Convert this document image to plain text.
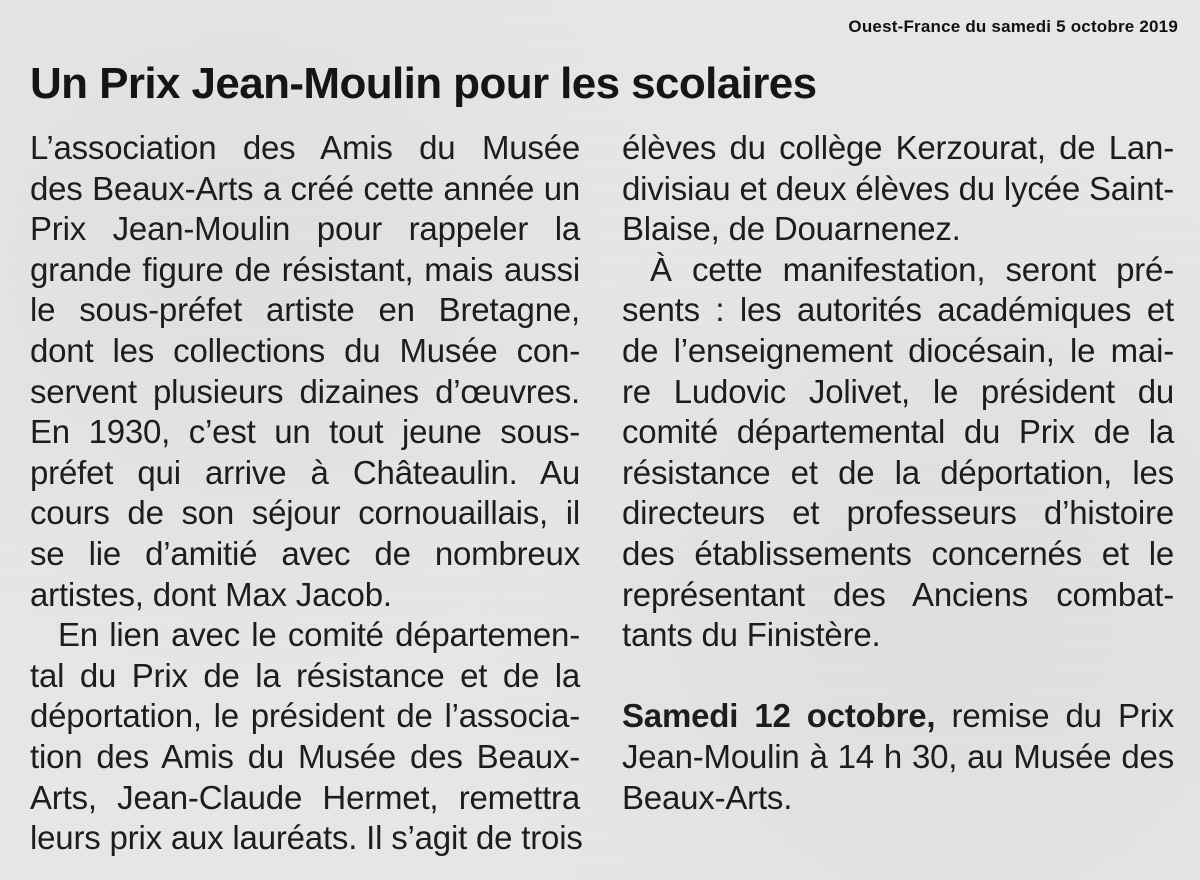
Ouest-France du samedi 5 octobre 2019
Un Prix Jean-Moulin pour les scolaires
L’association des Amis du Musée
des Beaux-Arts a créé cette année un
Prix Jean-Moulin pour rappeler la
grande figure de résistant, mais aussi
le sous-préfet artiste en Bretagne,
dont les collections du Musée con-
servent plusieurs dizaines d’œuvres.
En 1930, c’est un tout jeune sous-
préfet qui arrive à Châteaulin. Au
cours de son séjour cornouaillais, il
se lie d’amitié avec de nombreux
artistes, dont Max Jacob.
En lien avec le comité départemen-
tal du Prix de la résistance et de la
déportation, le président de l’associa-
tion des Amis du Musée des Beaux-
Arts, Jean-Claude Hermet, remettra
leurs prix aux lauréats. Il s’agit de trois
élèves du collège Kerzourat, de Lan-
divisiau et deux élèves du lycée Saint-
Blaise, de Douarnenez.
À cette manifestation, seront pré-
sents : les autorités académiques et
de l’enseignement diocésain, le mai-
re Ludovic Jolivet, le président du
comité départemental du Prix de la
résistance et de la déportation, les
directeurs et professeurs d’histoire
des établissements concernés et le
représentant des Anciens combat-
tants du Finistère.
Samedi 12 octobre, remise du Prix
Jean-Moulin à 14 h 30, au Musée des
Beaux-Arts.
